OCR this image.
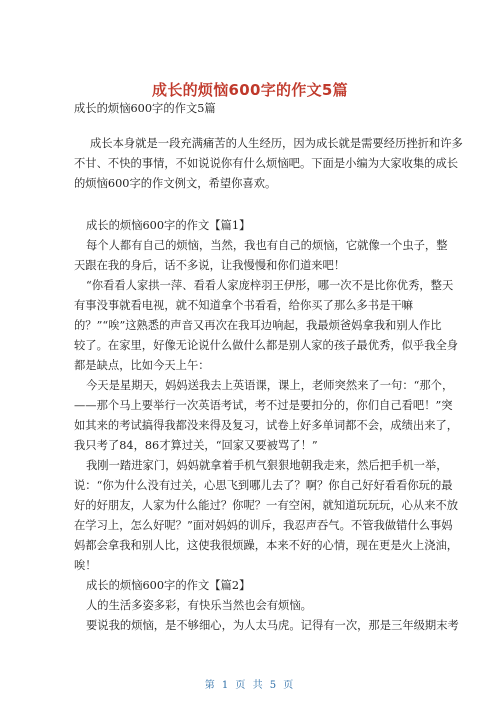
成长的烦恼600字的作文5篇
成长的烦恼600字的作文5篇
成长本身就是一段充满痛苦的人生经历，因为成长就是需要经历挫折和许多
不甘、不快的事情，不如说说你有什么烦恼吧。下面是小编为大家收集的成长
的烦恼600字的作文例文，希望你喜欢。
成长的烦恼600字的作文【篇1】
每个人都有自己的烦恼，当然，我也有自己的烦恼，它就像一个虫子，整
天跟在我的身后，话不多说，让我慢慢和你们道来吧！
“你看看人家拱一萍、看看人家庞梓羽王伊彤，哪一次不是比你优秀，整天
有事没事就看电视，就不知道拿个书看看，给你买了那么多书是干嘛
的？”“唉”这熟悉的声音又再次在我耳边响起，我最烦爸妈拿我和别人作比
较了。在家里，好像无论说什么做什么都是别人家的孩子最优秀，似乎我全身
都是缺点，比如今天上午：
今天是星期天，妈妈送我去上英语课，课上，老师突然来了一句：“那个，
——那个马上要举行一次英语考试，考不过是要扣分的，你们自己看吧！”突
如其来的考试搞得我都没来得及复习，试卷上好多单词都不会，成绩出来了，
我只考了84，86才算过关，“回家又要被骂了！”
我刚一踏进家门，妈妈就拿着手机气狠狠地朝我走来，然后把手机一举，
说：“你为什么没有过关，心思飞到哪儿去了？啊？你自己好好看看你玩的最
好的好朋友，人家为什么能过？你呢？一有空闲，就知道玩玩玩，心从来不放
在学习上，怎么好呢？”面对妈妈的训斥，我忍声吞气。不管我做错什么事妈
妈都会拿我和别人比，这使我很烦躁，本来不好的心情，现在更是火上浇油，
唉！
成长的烦恼600字的作文【篇2】
人的生活多姿多彩，有快乐当然也会有烦恼。
要说我的烦恼，是不够细心，为人太马虎。记得有一次，那是三年级期末考
第 1 页 共 5 页
